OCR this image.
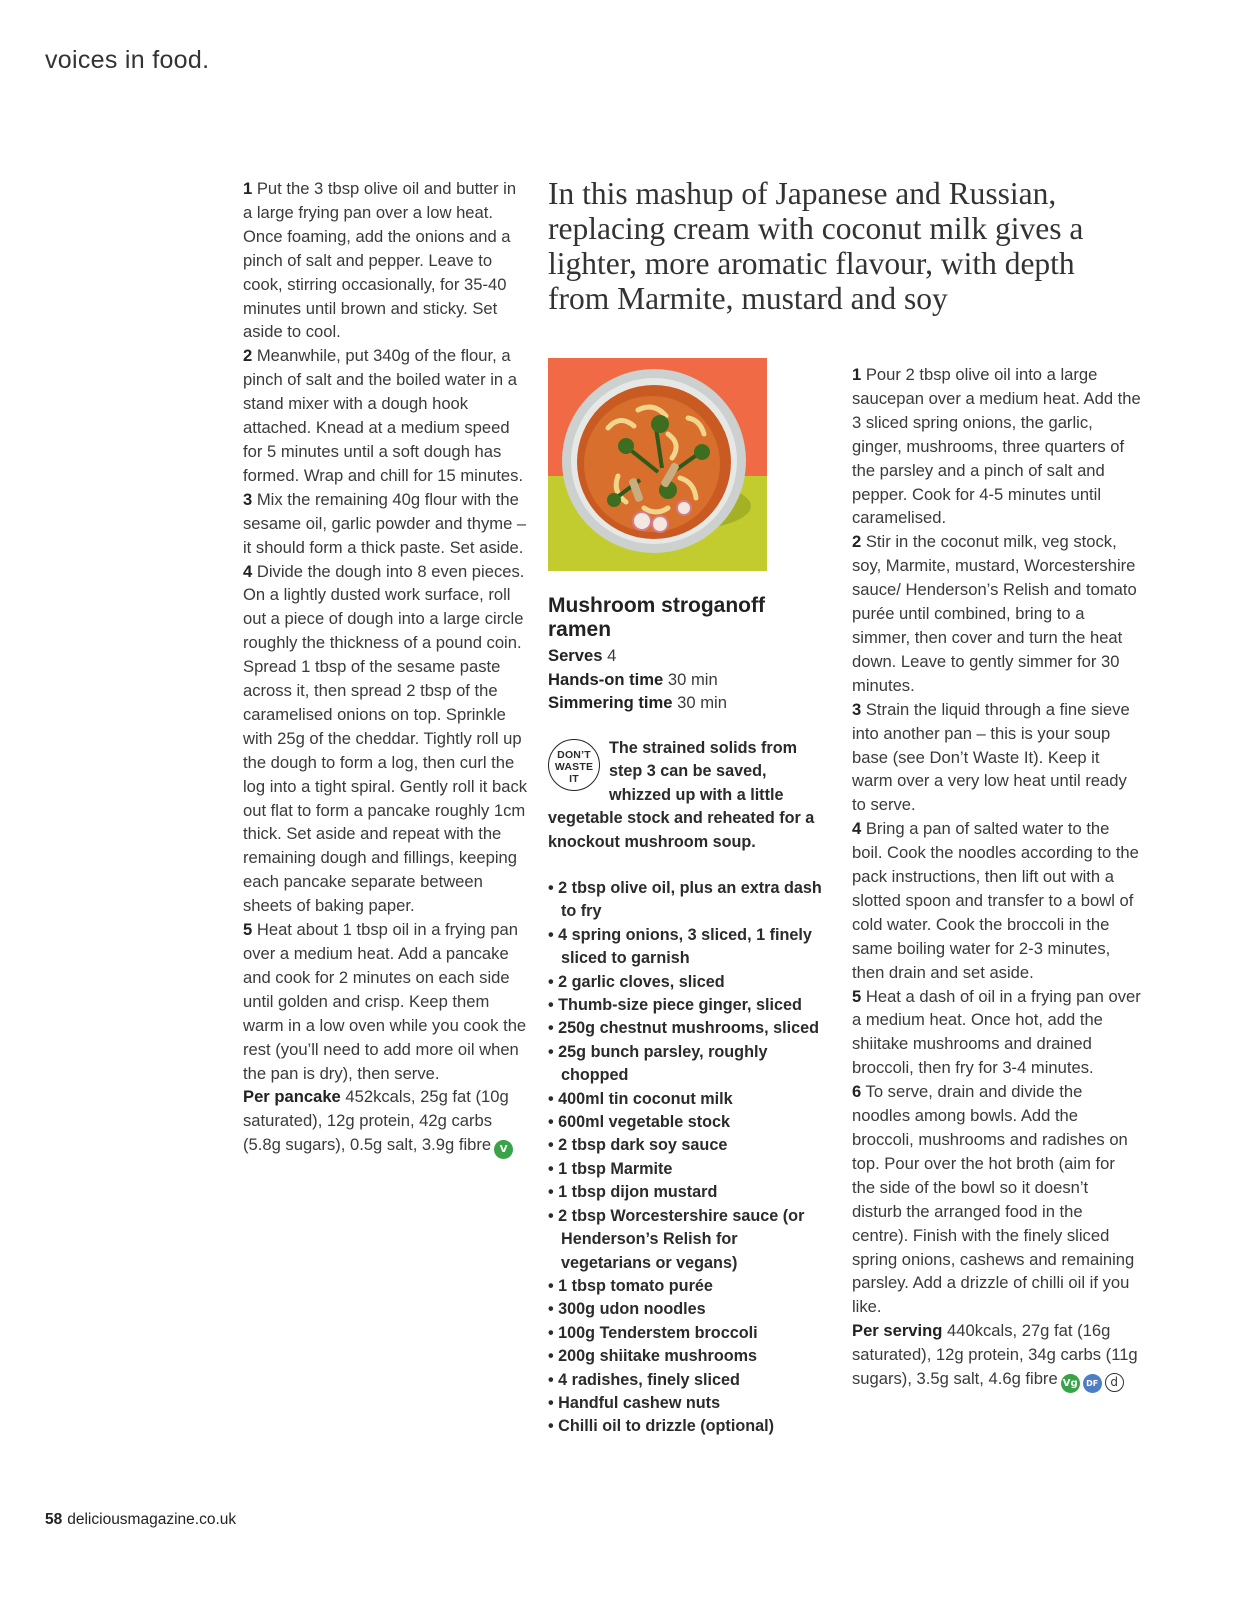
voices in food.

1 Put the 3 tbsp olive oil and butter in a large frying pan over a low heat. Once foaming, add the onions and a pinch of salt and pepper. Leave to cook, stirring occasionally, for 35-40 minutes until brown and sticky. Set aside to cool.

2 Meanwhile, put 340g of the flour, a pinch of salt and the boiled water in a stand mixer with a dough hook attached. Knead at a medium speed for 5 minutes until a soft dough has formed. Wrap and chill for 15 minutes.

3 Mix the remaining 40g flour with the sesame oil, garlic powder and thyme – it should form a thick paste. Set aside.

4 Divide the dough into 8 even pieces. On a lightly dusted work surface, roll out a piece of dough into a large circle roughly the thickness of a pound coin. Spread 1 tbsp of the sesame paste across it, then spread 2 tbsp of the caramelised onions on top. Sprinkle with 25g of the cheddar. Tightly roll up the dough to form a log, then curl the log into a tight spiral. Gently roll it back out flat to form a pancake roughly 1cm thick. Set aside and repeat with the remaining dough and fillings, keeping each pancake separate between sheets of baking paper.

5 Heat about 1 tbsp oil in a frying pan over a medium heat. Add a pancake and cook for 2 minutes on each side until golden and crisp. Keep them warm in a low oven while you cook the rest (you’ll need to add more oil when the pan is dry), then serve.

Per pancake 452kcals, 25g fat (10g saturated), 12g protein, 42g carbs (5.8g sugars), 0.5g salt, 3.9g fibre V

In this mashup of Japanese and Russian, replacing cream with coconut milk gives a lighter, more aromatic flavour, with depth from Marmite, mustard and soy
Mushroom stroganoff ramen
Serves 4
Hands-on time 30 min
Simmering time 30 min
DON’T
WASTE
IT
The strained solids from step 3 can be saved, whizzed up with a little vegetable stock and reheated for a knockout mushroom soup.
• 2 tbsp olive oil, plus an extra dash to fry
• 4 spring onions, 3 sliced, 1 finely sliced to garnish
• 2 garlic cloves, sliced
• Thumb-size piece ginger, sliced
• 250g chestnut mushrooms, sliced
• 25g bunch parsley, roughly chopped
• 400ml tin coconut milk
• 600ml vegetable stock
• 2 tbsp dark soy sauce
• 1 tbsp Marmite
• 1 tbsp dijon mustard
• 2 tbsp Worcestershire sauce (or Henderson’s Relish for vegetarians or vegans)
• 1 tbsp tomato purée
• 300g udon noodles
• 100g Tenderstem broccoli
• 200g shiitake mushrooms
• 4 radishes, finely sliced
• Handful cashew nuts
• Chilli oil to drizzle (optional)

1 Pour 2 tbsp olive oil into a large saucepan over a medium heat. Add the 3 sliced spring onions, the garlic, ginger, mushrooms, three quarters of the parsley and a pinch of salt and pepper. Cook for 4-5 minutes until caramelised.

2 Stir in the coconut milk, veg stock, soy, Marmite, mustard, Worcestershire sauce/ Henderson’s Relish and tomato purée until combined, bring to a simmer, then cover and turn the heat down. Leave to gently simmer for 30 minutes.

3 Strain the liquid through a fine sieve into another pan – this is your soup base (see Don’t Waste It). Keep it warm over a very low heat until ready to serve.

4 Bring a pan of salted water to the boil. Cook the noodles according to the pack instructions, then lift out with a slotted spoon and transfer to a bowl of cold water. Cook the broccoli in the same boiling water for 2-3 minutes, then drain and set aside.

5 Heat a dash of oil in a frying pan over a medium heat. Once hot, add the shiitake mushrooms and drained broccoli, then fry for 3-4 minutes.

6 To serve, drain and divide the noodles among bowls. Add the broccoli, mushrooms and radishes on top. Pour over the hot broth (aim for the side of the bowl so it doesn’t disturb the arranged food in the centre). Finish with the finely sliced spring onions, cashews and remaining parsley. Add a drizzle of chilli oil if you like.

Per serving 440kcals, 27g fat (16g saturated), 12g protein, 34g carbs (11g sugars), 3.5g salt, 4.6g fibre Vg DF d

58 deliciousmagazine.co.uk
